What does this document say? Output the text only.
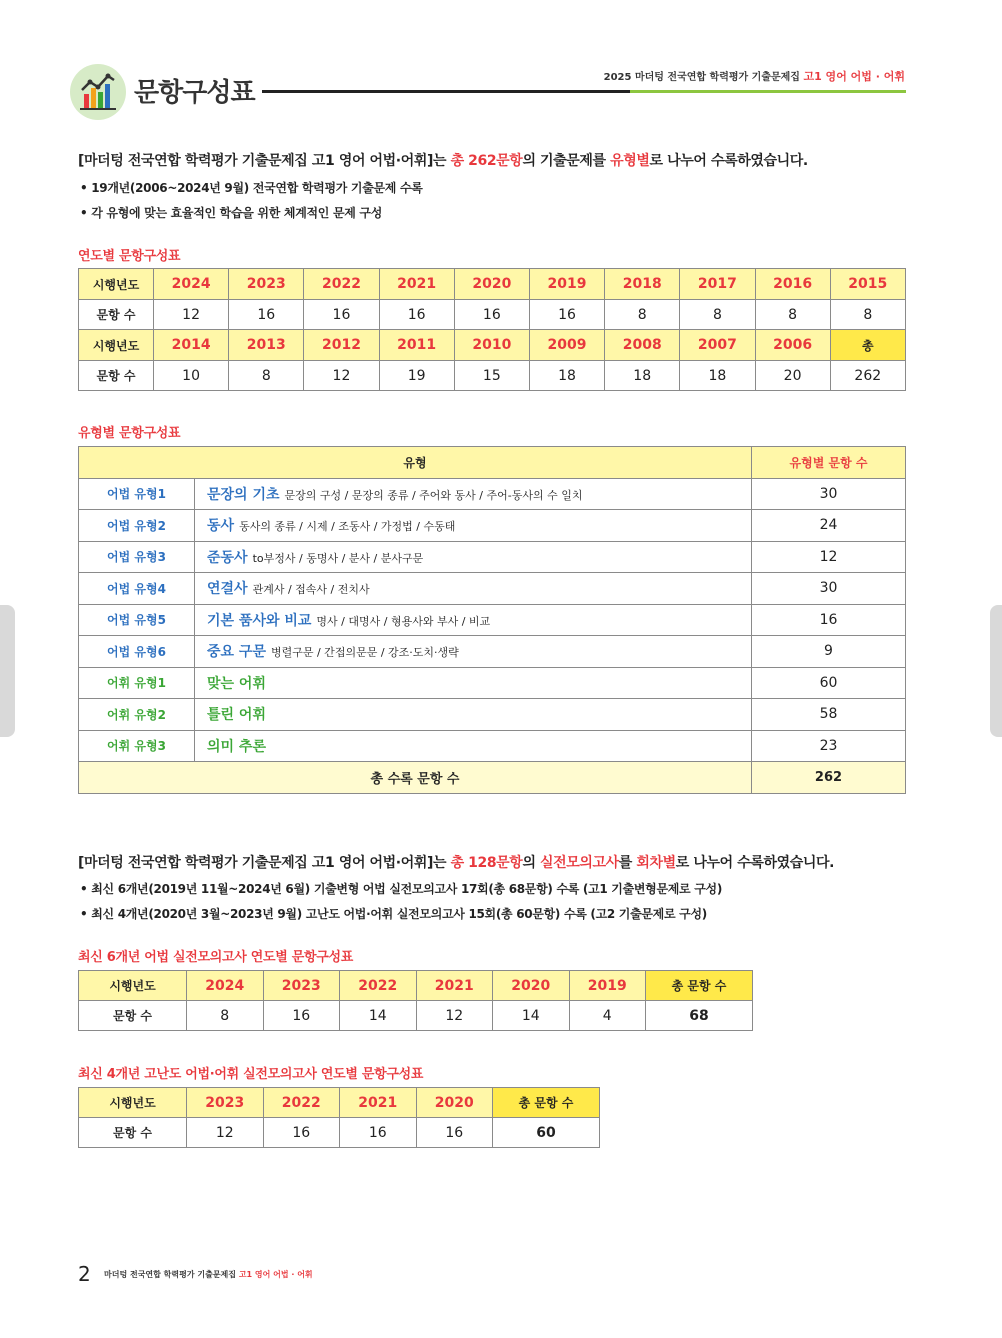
문항구성표
2025 마더텅 전국연합 학력평가 기출문제집 고1 영어 어법 · 어휘
[마더텅 전국연합 학력평가 기출문제집 고1 영어 어법·어휘]는 총 262문항의 기출문제를 유형별로 나누어 수록하였습니다.
• 19개년(2006~2024년 9월) 전국연합 학력평가 기출문제 수록
• 각 유형에 맞는 효율적인 학습을 위한 체계적인 문제 구성
연도별 문항구성표
시행년도	2024	2023	2022	2021	2020	2019	2018	2017	2016	2015
문항 수	12	16	16	16	16	16	8	8	8	8
시행년도	2014	2013	2012	2011	2010	2009	2008	2007	2006	총
문항 수	10	8	12	19	15	18	18	18	20	262
유형별 문항구성표
유형		유형별 문항 수
어법 유형1	문장의 기초 문장의 구성 / 문장의 종류 / 주어와 동사 / 주어-동사의 수 일치	30
어법 유형2	동사 동사의 종류 / 시제 / 조동사 / 가정법 / 수동태	24
어법 유형3	준동사 to부정사 / 동명사 / 분사 / 분사구문	12
어법 유형4	연결사 관계사 / 접속사 / 전치사	30
어법 유형5	기본 품사와 비교 명사 / 대명사 / 형용사와 부사 / 비교	16
어법 유형6	중요 구문 병렬구문 / 간접의문문 / 강조·도치·생략	9
어휘 유형1	맞는 어휘	60
어휘 유형2	틀린 어휘	58
어휘 유형3	의미 추론	23
총 수록 문항 수		262
[마더텅 전국연합 학력평가 기출문제집 고1 영어 어법·어휘]는 총 128문항의 실전모의고사를 회차별로 나누어 수록하였습니다.
• 최신 6개년(2019년 11월~2024년 6월) 기출변형 어법 실전모의고사 17회(총 68문항) 수록 (고1 기출변형문제로 구성)
• 최신 4개년(2020년 3월~2023년 9월) 고난도 어법·어휘 실전모의고사 15회(총 60문항) 수록 (고2 기출문제로 구성)
최신 6개년 어법 실전모의고사 연도별 문항구성표
시행년도	2024	2023	2022	2021	2020	2019	총 문항 수
문항 수	8	16	14	12	14	4	68
최신 4개년 고난도 어법·어휘 실전모의고사 연도별 문항구성표
시행년도	2023	2022	2021	2020	총 문항 수
문항 수	12	16	16	16	60
2 마더텅 전국연합 학력평가 기출문제집 고1 영어 어법 · 어휘
